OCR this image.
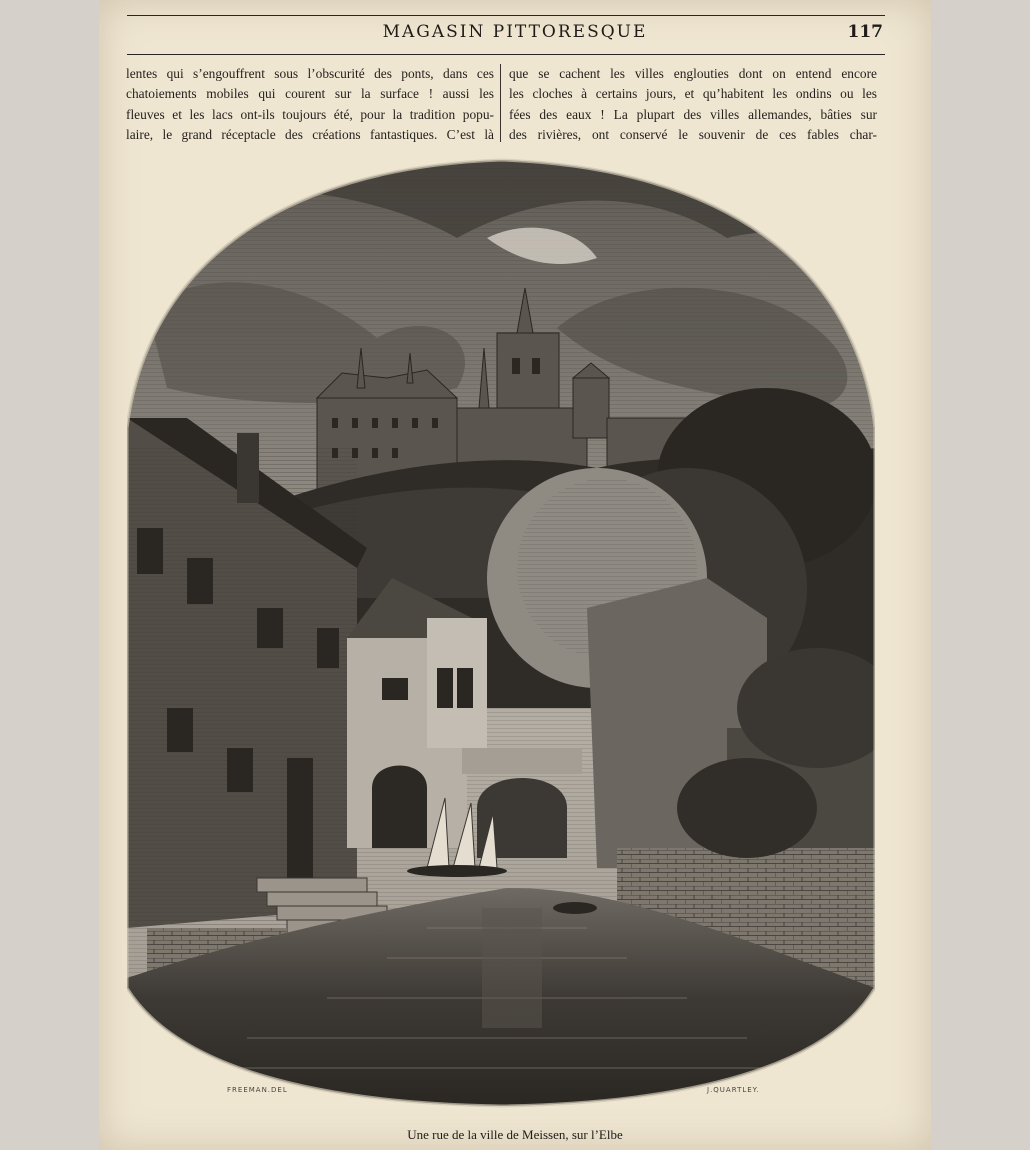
MAGASIN PITTORESQUE	117
lentes qui s’engouffrent sous l’obscurité des ponts, dans ces
chatoiements mobiles qui courent sur la surface ! aussi les
fleuves et les lacs ont-ils toujours été, pour la tradition popu-
laire, le grand réceptacle des créations fantastiques. C’est là
que se cachent les villes englouties dont on entend encore
les cloches à certains jours, et qu’habitent les ondins ou les
fées des eaux ! La plupart des villes allemandes, bâties sur
des rivières, ont conservé le souvenir de ces fables char-
FREEMAN.DEL	J.QUARTLEY.
Une rue de la ville de Meissen, sur l’Elbe
